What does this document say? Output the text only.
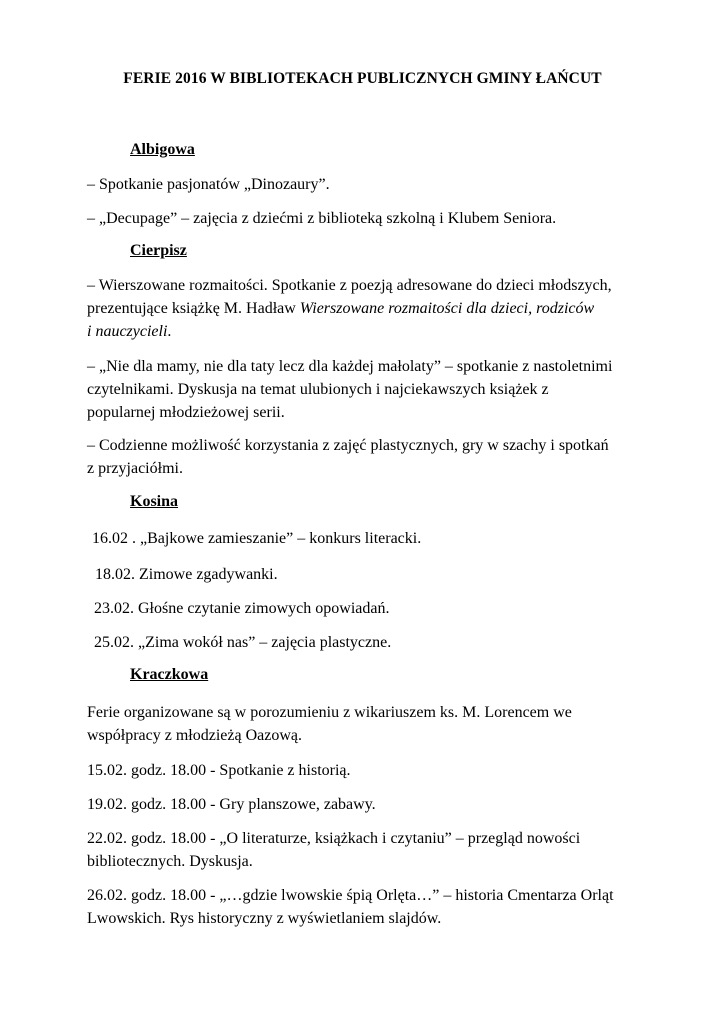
FERIE 2016 W BIBLIOTEKACH PUBLICZNYCH GMINY ŁAŃCUT
Albigowa
– Spotkanie pasjonatów „Dinozaury”.
– „Decupage” – zajęcia z dziećmi z biblioteką szkolną i Klubem Seniora.
Cierpisz
– Wierszowane rozmaitości. Spotkanie z poezją adresowane do dzieci młodszych,
prezentujące książkę M. Hadław Wierszowane rozmaitości dla dzieci, rodziców
i nauczycieli.
– „Nie dla mamy, nie dla taty lecz dla każdej małolaty” – spotkanie z nastoletnimi
czytelnikami. Dyskusja na temat ulubionych i najciekawszych książek z
popularnej młodzieżowej serii.
– Codzienne możliwość korzystania z zajęć plastycznych, gry w szachy i spotkań
z przyjaciółmi.
Kosina
16.02 . „Bajkowe zamieszanie” – konkurs literacki.
18.02. Zimowe zgadywanki.
23.02. Głośne czytanie zimowych opowiadań.
25.02. „Zima wokół nas” – zajęcia plastyczne.
Kraczkowa
Ferie organizowane są w porozumieniu z wikariuszem ks. M. Lorencem we
współpracy z młodzieżą Oazową.
15.02. godz. 18.00 - Spotkanie z historią.
19.02. godz. 18.00 - Gry planszowe, zabawy.
22.02. godz. 18.00 - „O literaturze, książkach i czytaniu” – przegląd nowości
bibliotecznych. Dyskusja.
26.02. godz. 18.00 - „…gdzie lwowskie śpią Orlęta…” – historia Cmentarza Orląt
Lwowskich. Rys historyczny z wyświetlaniem slajdów.
